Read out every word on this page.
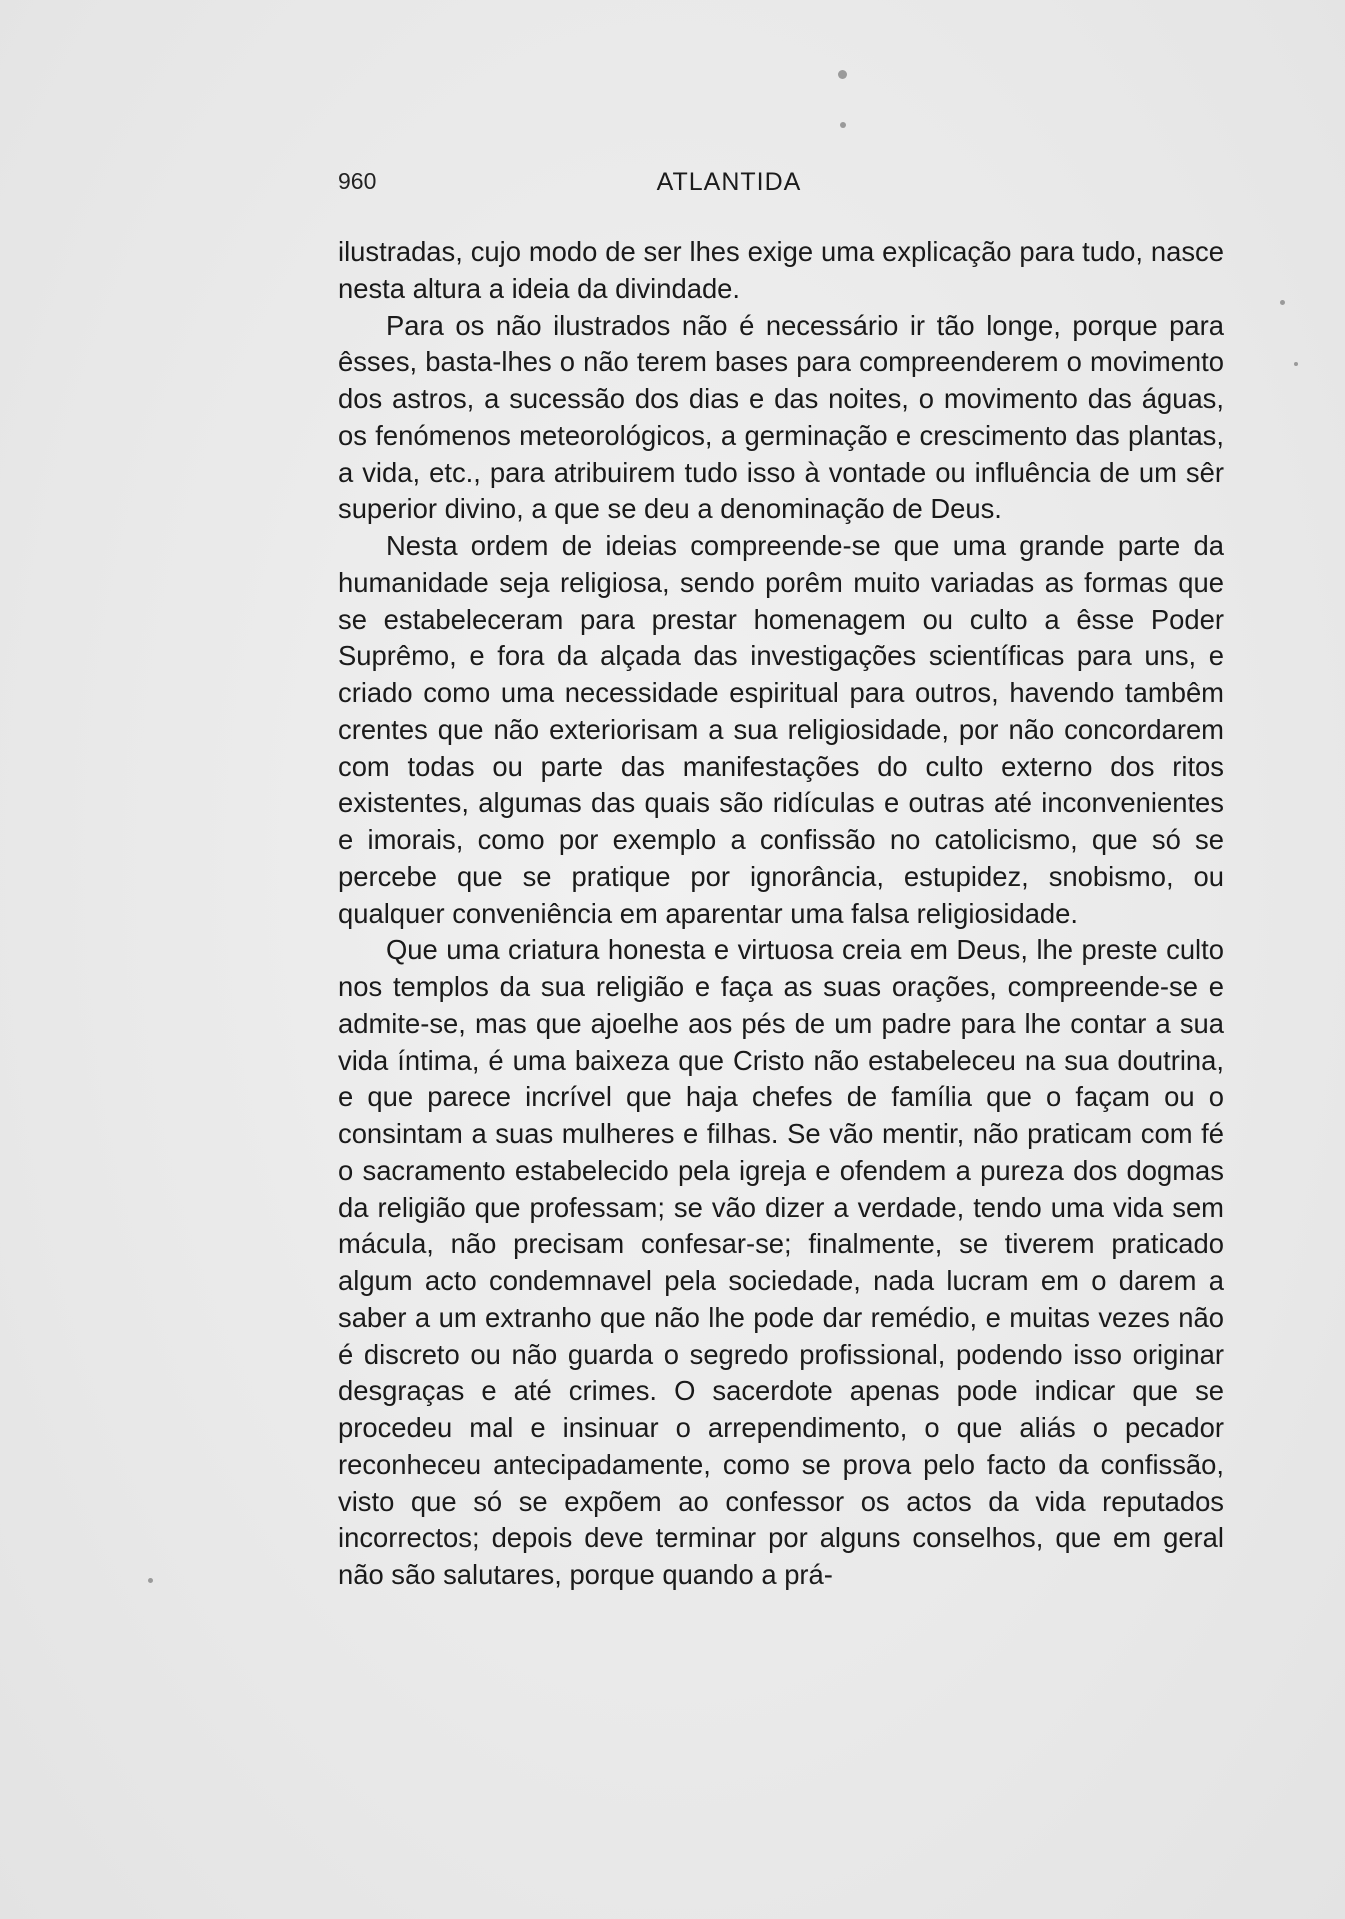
960	ATLANTIDA

ilustradas, cujo modo de ser lhes exige uma explicação para tudo, nasce nesta altura a ideia da divindade.

Para os não ilustrados não é necessário ir tão longe, porque para êsses, basta-lhes o não terem bases para compreenderem o movimento dos astros, a sucessão dos dias e das noites, o movimento das águas, os fenómenos meteorológicos, a germinação e crescimento das plantas, a vida, etc., para atribuirem tudo isso à vontade ou influência de um sêr superior divino, a que se deu a denominação de Deus.

Nesta ordem de ideias compreende-se que uma grande parte da humanidade seja religiosa, sendo porêm muito variadas as formas que se estabeleceram para prestar homenagem ou culto a êsse Poder Suprêmo, e fora da alçada das investigações scientíficas para uns, e criado como uma necessidade espiritual para outros, havendo tambêm crentes que não exteriorisam a sua religiosidade, por não concordarem com todas ou parte das manifestações do culto externo dos ritos existentes, algumas das quais são ridículas e outras até inconvenientes e imorais, como por exemplo a confissão no catolicismo, que só se percebe que se pratique por ignorância, estupidez, snobismo, ou qualquer conveniência em aparentar uma falsa religiosidade.

Que uma criatura honesta e virtuosa creia em Deus, lhe preste culto nos templos da sua religião e faça as suas orações, compreende-se e admite-se, mas que ajoelhe aos pés de um padre para lhe contar a sua vida íntima, é uma baixeza que Cristo não estabeleceu na sua doutrina, e que parece incrível que haja chefes de família que o façam ou o consintam a suas mulheres e filhas. Se vão mentir, não praticam com fé o sacramento estabelecido pela igreja e ofendem a pureza dos dogmas da religião que professam; se vão dizer a verdade, tendo uma vida sem mácula, não precisam confesar-se; finalmente, se tiverem praticado algum acto condemnavel pela sociedade, nada lucram em o darem a saber a um extranho que não lhe pode dar remédio, e muitas vezes não é discreto ou não guarda o segredo profissional, podendo isso originar desgraças e até crimes. O sacerdote apenas pode indicar que se procedeu mal e insinuar o arrependimento, o que aliás o pecador reconheceu antecipadamente, como se prova pelo facto da confissão, visto que só se expõem ao confessor os actos da vida reputados incorrectos; depois deve terminar por alguns conselhos, que em geral não são salutares, porque quando a prá-
